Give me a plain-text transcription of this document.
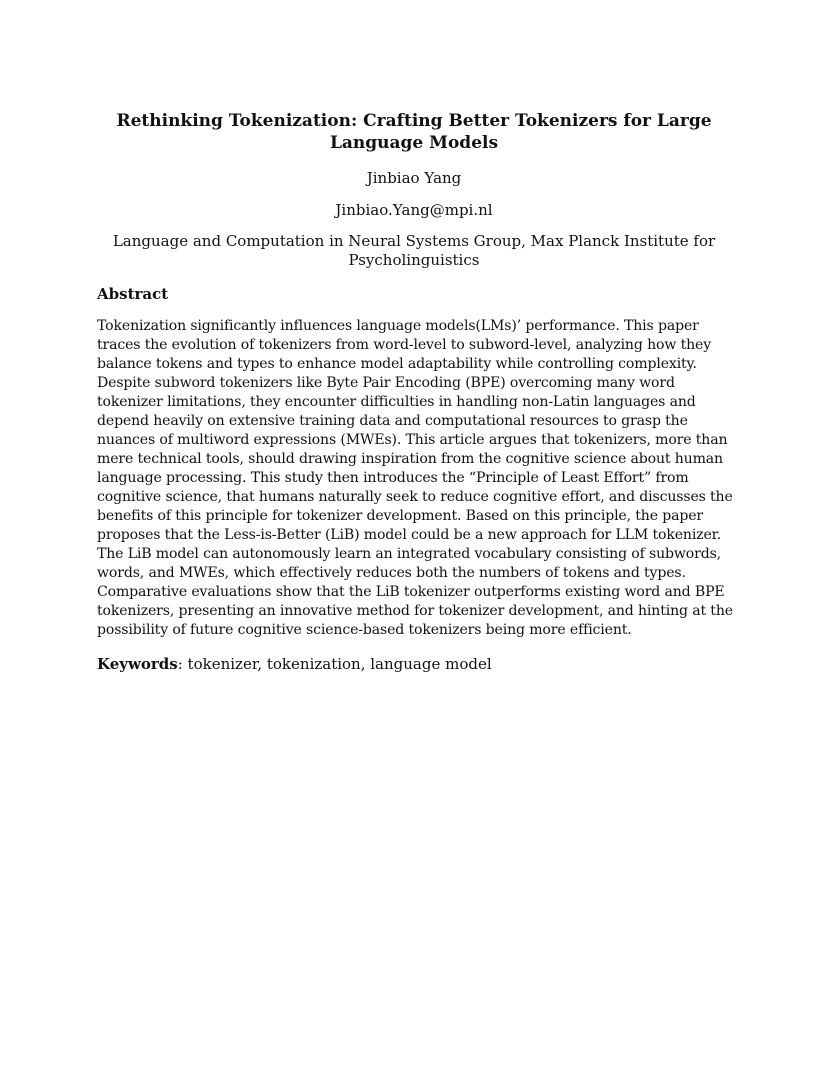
Rethinking Tokenization: Crafting Better Tokenizers for Large Language Models

Jinbiao Yang

Jinbiao.Yang@mpi.nl

Language and Computation in Neural Systems Group, Max Planck Institute for Psycholinguistics

Abstract

Tokenization significantly influences language models(LMs)’ performance. This paper traces the evolution of tokenizers from word-level to subword-level, analyzing how they balance tokens and types to enhance model adaptability while controlling complexity. Despite subword tokenizers like Byte Pair Encoding (BPE) overcoming many word tokenizer limitations, they encounter difficulties in handling non-Latin languages and depend heavily on extensive training data and computational resources to grasp the nuances of multiword expressions (MWEs). This article argues that tokenizers, more than mere technical tools, should drawing inspiration from the cognitive science about human language processing. This study then introduces the “Principle of Least Effort” from cognitive science, that humans naturally seek to reduce cognitive effort, and discusses the benefits of this principle for tokenizer development. Based on this principle, the paper proposes that the Less-is-Better (LiB) model could be a new approach for LLM tokenizer. The LiB model can autonomously learn an integrated vocabulary consisting of subwords, words, and MWEs, which effectively reduces both the numbers of tokens and types. Comparative evaluations show that the LiB tokenizer outperforms existing word and BPE tokenizers, presenting an innovative method for tokenizer development, and hinting at the possibility of future cognitive science-based tokenizers being more efficient.

Keywords: tokenizer, tokenization, language model
